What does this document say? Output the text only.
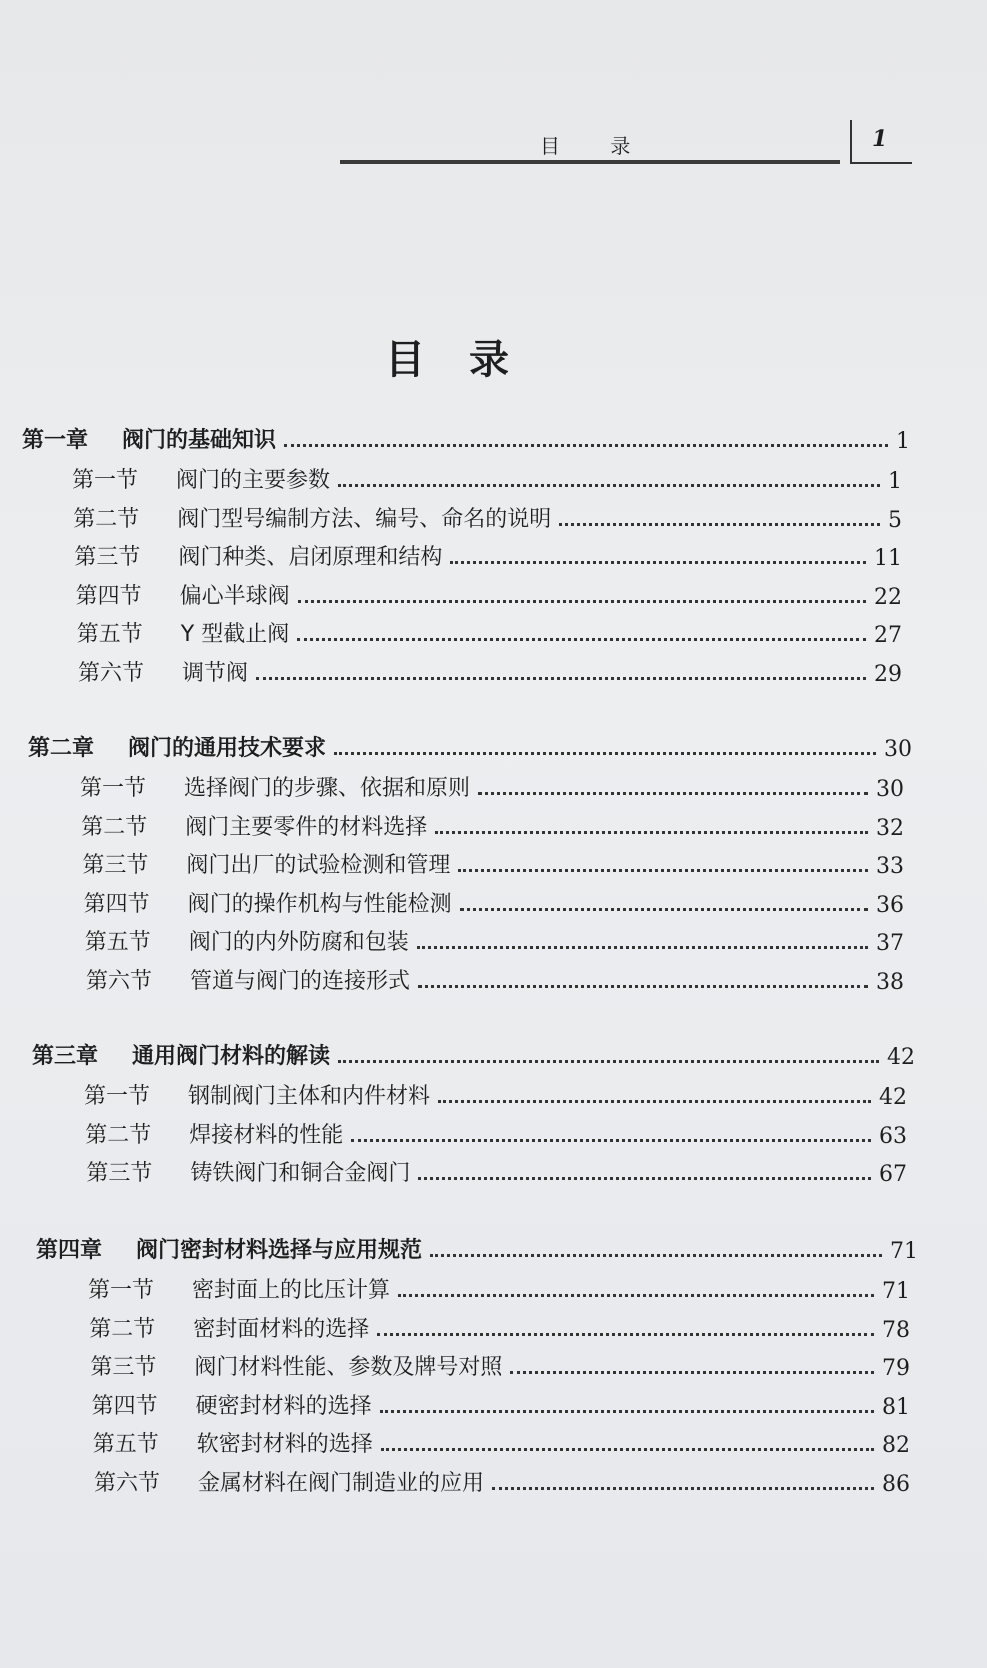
目 录	1
目录
第一章	阀门的基础知识	1
第一节	阀门的主要参数	1
第二节	阀门型号编制方法、编号、命名的说明	5
第三节	阀门种类、启闭原理和结构	11
第四节	偏心半球阀	22
第五节	Y 型截止阀	27
第六节	调节阀	29
第二章	阀门的通用技术要求	30
第一节	选择阀门的步骤、依据和原则	30
第二节	阀门主要零件的材料选择	32
第三节	阀门出厂的试验检测和管理	33
第四节	阀门的操作机构与性能检测	36
第五节	阀门的内外防腐和包装	37
第六节	管道与阀门的连接形式	38
第三章	通用阀门材料的解读	42
第一节	钢制阀门主体和内件材料	42
第二节	焊接材料的性能	63
第三节	铸铁阀门和铜合金阀门	67
第四章	阀门密封材料选择与应用规范	71
第一节	密封面上的比压计算	71
第二节	密封面材料的选择	78
第三节	阀门材料性能、参数及牌号对照	79
第四节	硬密封材料的选择	81
第五节	软密封材料的选择	82
第六节	金属材料在阀门制造业的应用	86
